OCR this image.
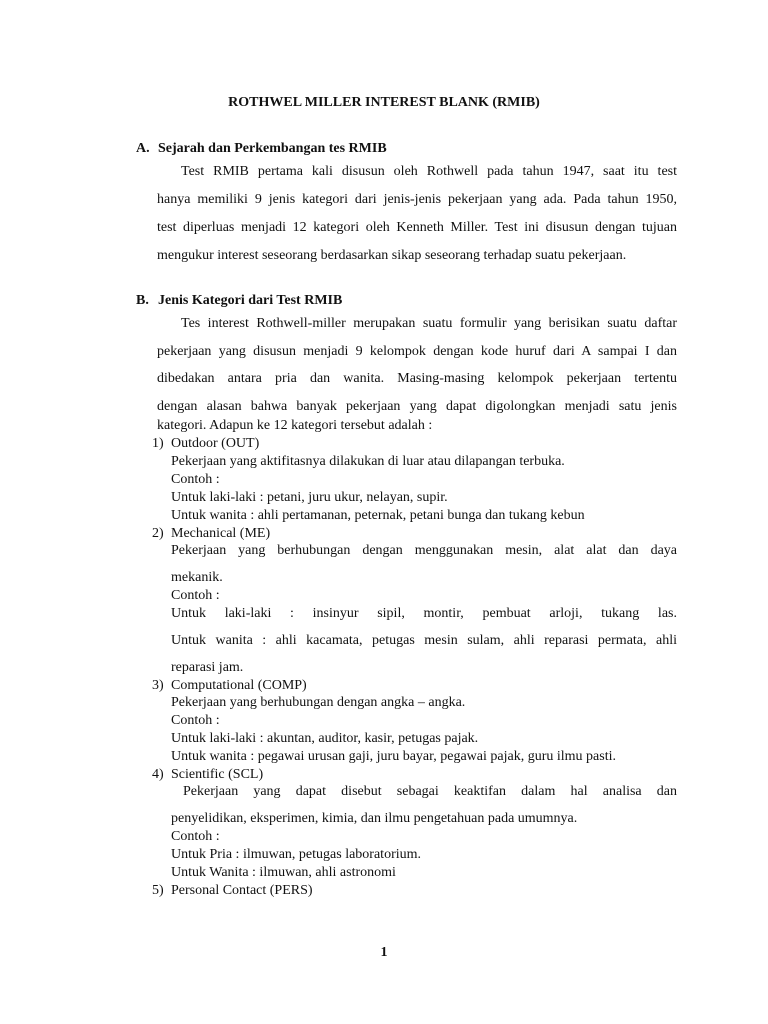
ROTHWEL MILLER INTEREST BLANK (RMIB)
A. Sejarah dan Perkembangan tes RMIB

Test RMIB pertama kali disusun oleh Rothwell pada tahun 1947, saat itu test

hanya memiliki 9 jenis kategori dari jenis-jenis pekerjaan yang ada. Pada tahun 1950,

test diperluas menjadi 12 kategori oleh Kenneth Miller. Test ini disusun dengan tujuan

mengukur interest seseorang berdasarkan sikap seseorang terhadap suatu pekerjaan.

B. Jenis Kategori dari Test RMIB

Tes interest Rothwell-miller merupakan suatu formulir yang berisikan suatu daftar

pekerjaan yang disusun menjadi 9 kelompok dengan kode huruf dari A sampai I dan

dibedakan antara pria dan wanita. Masing-masing kelompok pekerjaan tertentu

dengan alasan bahwa banyak pekerjaan yang dapat digolongkan menjadi satu jenis

kategori. Adapun ke 12 kategori tersebut adalah :
1) Outdoor (OUT)
Pekerjaan yang aktifitasnya dilakukan di luar atau dilapangan terbuka.
Contoh :
Untuk laki-laki : petani, juru ukur, nelayan, supir.
Untuk wanita : ahli pertamanan, peternak, petani bunga dan tukang kebun
2) Mechanical (ME)
Pekerjaan yang berhubungan dengan menggunakan mesin, alat alat dan daya
mekanik.
Contoh :
Untuk laki-laki : insinyur sipil, montir, pembuat arloji, tukang las.
Untuk wanita : ahli kacamata, petugas mesin sulam, ahli reparasi permata, ahli
reparasi jam.
3) Computational (COMP)
Pekerjaan yang berhubungan dengan angka – angka.
Contoh :
Untuk laki-laki : akuntan, auditor, kasir, petugas pajak.
Untuk wanita : pegawai urusan gaji, juru bayar, pegawai pajak, guru ilmu pasti.
4) Scientific (SCL)
Pekerjaan yang dapat disebut sebagai keaktifan dalam hal analisa dan
penyelidikan, eksperimen, kimia, dan ilmu pengetahuan pada umumnya.
Contoh :
Untuk Pria : ilmuwan, petugas laboratorium.
Untuk Wanita : ilmuwan, ahli astronomi
5) Personal Contact (PERS)
1
